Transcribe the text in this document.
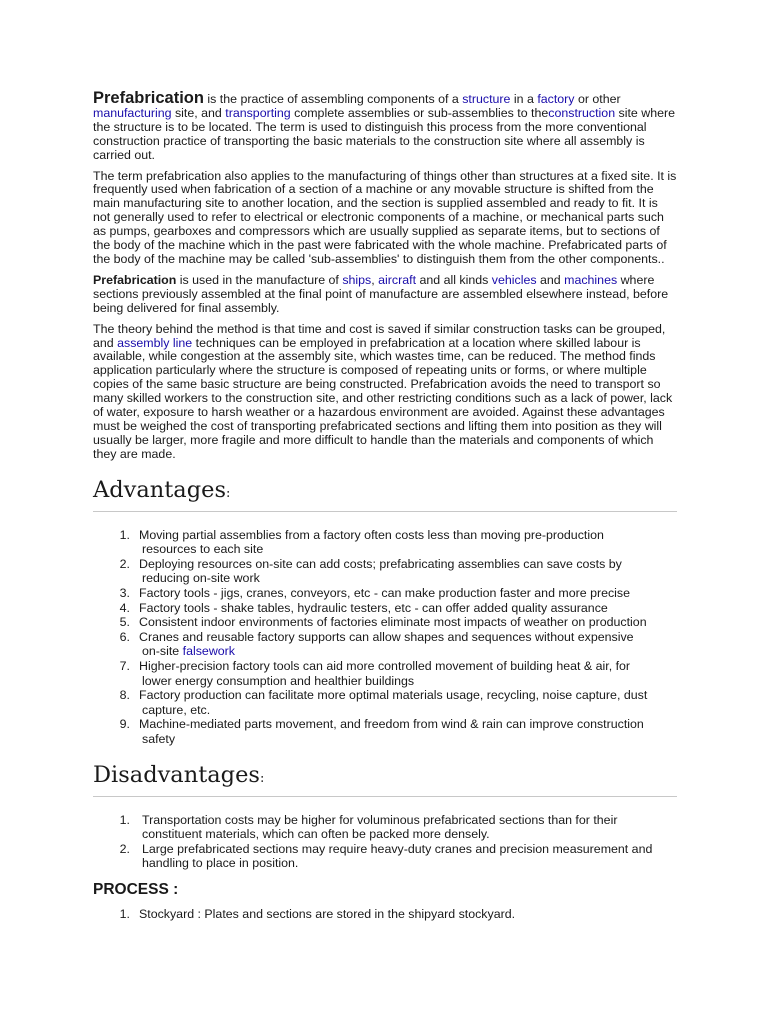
Prefabrication is the practice of assembling components of a structure in a factory or other manufacturing site, and transporting complete assemblies or sub-assemblies to theconstruction site where the structure is to be located. The term is used to distinguish this process from the more conventional construction practice of transporting the basic materials to the construction site where all assembly is carried out.

The term prefabrication also applies to the manufacturing of things other than structures at a fixed site. It is frequently used when fabrication of a section of a machine or any movable structure is shifted from the main manufacturing site to another location, and the section is supplied assembled and ready to fit. It is not generally used to refer to electrical or electronic components of a machine, or mechanical parts such as pumps, gearboxes and compressors which are usually supplied as separate items, but to sections of the body of the machine which in the past were fabricated with the whole machine. Prefabricated parts of the body of the machine may be called 'sub-assemblies' to distinguish them from the other components..

Prefabrication is used in the manufacture of ships, aircraft and all kinds vehicles and machines where sections previously assembled at the final point of manufacture are assembled elsewhere instead, before being delivered for final assembly.

The theory behind the method is that time and cost is saved if similar construction tasks can be grouped, and assembly line techniques can be employed in prefabrication at a location where skilled labour is available, while congestion at the assembly site, which wastes time, can be reduced. The method finds application particularly where the structure is composed of repeating units or forms, or where multiple copies of the same basic structure are being constructed. Prefabrication avoids the need to transport so many skilled workers to the construction site, and other restricting conditions such as a lack of power, lack of water, exposure to harsh weather or a hazardous environment are avoided. Against these advantages must be weighed the cost of transporting prefabricated sections and lifting them into position as they will usually be larger, more fragile and more difficult to handle than the materials and components of which they are made.

Advantages:
1. Moving partial assemblies from a factory often costs less than moving pre-production
resources to each site
2. Deploying resources on-site can add costs; prefabricating assemblies can save costs by
reducing on-site work
3. Factory tools - jigs, cranes, conveyors, etc - can make production faster and more precise
4. Factory tools - shake tables, hydraulic testers, etc - can offer added quality assurance
5. Consistent indoor environments of factories eliminate most impacts of weather on production
6. Cranes and reusable factory supports can allow shapes and sequences without expensive
on-site falsework
7. Higher-precision factory tools can aid more controlled movement of building heat & air, for
lower energy consumption and healthier buildings
8. Factory production can facilitate more optimal materials usage, recycling, noise capture, dust
capture, etc.
9. Machine-mediated parts movement, and freedom from wind & rain can improve construction
safety
Disadvantages:
1. Transportation costs may be higher for voluminous prefabricated sections than for their constituent materials, which can often be packed more densely.
2. Large prefabricated sections may require heavy-duty cranes and precision measurement and handling to place in position.
PROCESS :
1. Stockyard : Plates and sections are stored in the shipyard stockyard.
